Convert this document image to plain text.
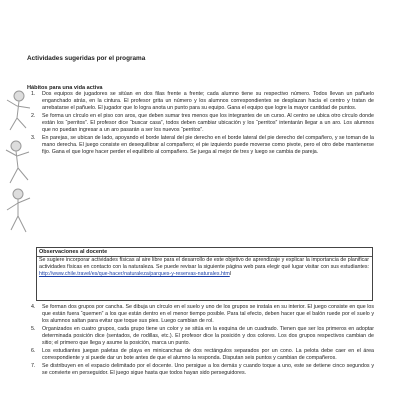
Actividades sugeridas por el programa
Hábitos para una vida activa
1. Dos equipos de jugadores se sitúan en dos filas frente a frente; cada alumno tiene su respectivo número. Todos llevan un pañuelo enganchado atrás, en la cintura. El profesor grita un número y los alumnos correspondientes se desplazan hacia el centro y tratan de arrebatarse el pañuelo. El jugador que lo logra anota un punto para su equipo. Gana el equipo que logre la mayor cantidad de puntos.
2. Se forma un círculo en el piso con aros, que deben sumar tres menos que los integrantes de un curso. Al centro se ubica otro círculo donde están los “perritos”. El profesor dice “buscar casa”, todos deben cambiar ubicación y los “perritos” intentarán llegar a un aro. Los alumnos que no puedan ingresar a un aro pasarán a ser los nuevos “perritos”.
3. En parejas, se ubican de lado, apoyando el borde lateral del pie derecho en el borde lateral del pie derecho del compañero, y se toman de la mano derecha. El juego consiste en desequilibrar al compañero; el pie izquierdo puede moverse como pivote, pero el otro debe mantenerse fijo. Gana el que logre hacer perder el equilibrio al compañero. Se juega al mejor de tres y luego se cambia de pareja.
Observaciones al docente
Se sugiere incorporar actividades físicas al aire libre para el desarrollo de este objetivo de aprendizaje y explicar la importancia de planificar actividades físicas en contacto con la naturaleza. Se puede revisar la siguiente página web para elegir qué lugar visitar con sus estudiantes: http://www.chile.travel/es/que-hacer/naturaleza/parques-y-reservas-naturales.html
4. Se forman dos grupos por cancha. Se dibuja un círculo en el suelo y uno de los grupos se instala en su interior. El juego consiste en que los que están fuera “quemen” a los que están dentro en el menor tiempo posible. Para tal efecto, deben hacer que el balón ruede por el suelo y los alumnos saltan para evitar que toque sus pies. Luego cambian de rol.
5. Organizados en cuatro grupos, cada grupo tiene un color y se sitúa en la esquina de un cuadrado. Tienen que ser los primeros en adoptar determinada posición dice (sentados, de rodillas, etc.). El profesor dice la posición y dos colores. Los dos grupos respectivos cambian de sitio; el primero que llega y asume la posición, marca un punto.
6. Los estudiantes juegan paletas de playa en minicanchas de dos rectángulos separados por un cono. La pelota debe caer en el área correspondiente y si puede dar un bote antes de que el alumno la responda. Disputan seis puntos y cambian de compañeros.
7. Se distribuyen en el espacio delimitado por el docente. Uno persigue a los demás y cuando toque a uno, este se detiene cinco segundos y se convierte en perseguidor. El juego sigue hasta que todos hayan sido perseguidores.
